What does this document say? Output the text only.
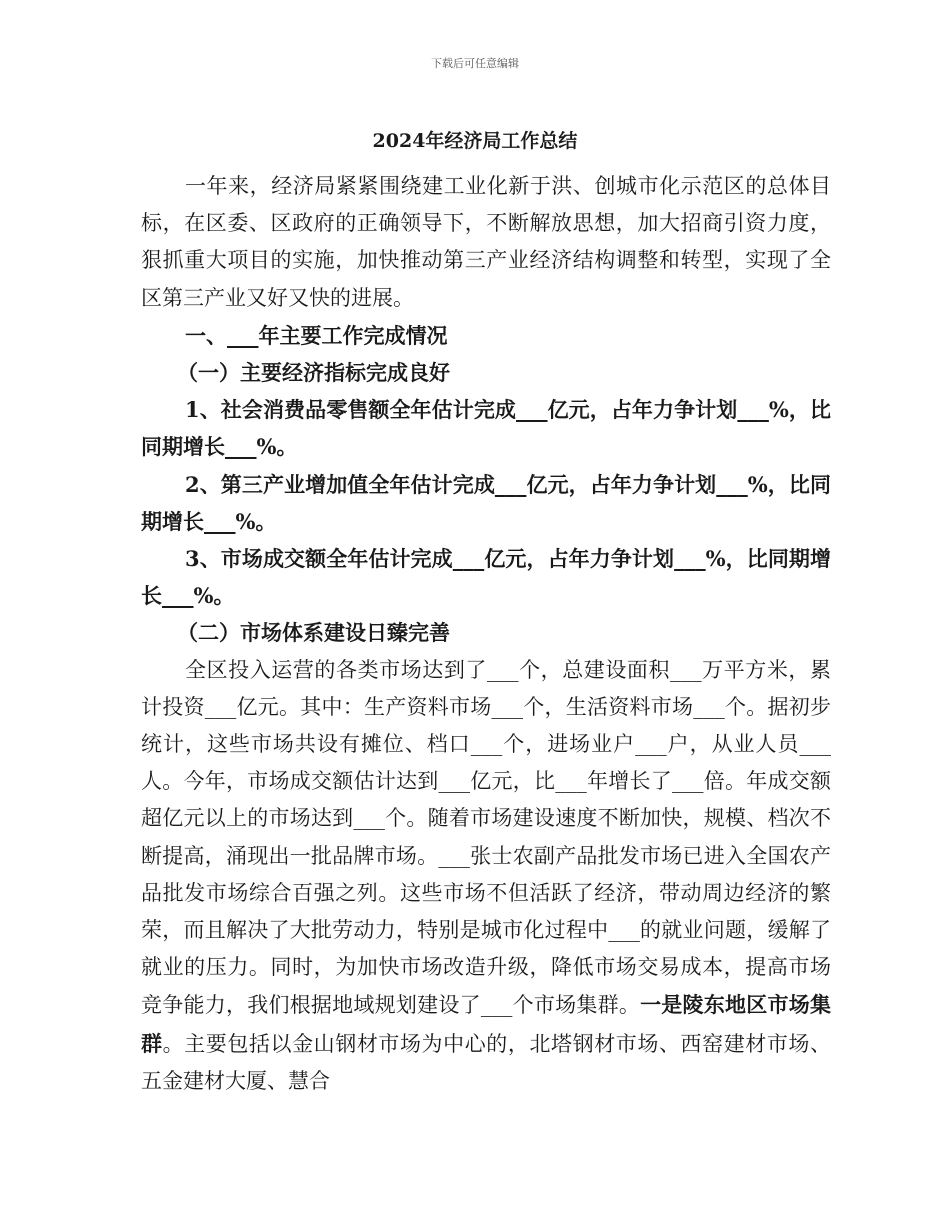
下载后可任意编辑
2024年经济局工作总结

一年来，经济局紧紧围绕建工业化新于洪、创城市化示范区的总体目标，在区委、区政府的正确领导下，不断解放思想，加大招商引资力度，狠抓重大项目的实施，加快推动第三产业经济结构调整和转型，实现了全区第三产业又好又快的进展。

一、___年主要工作完成情况

（一）主要经济指标完成良好

1、社会消费品零售额全年估计完成___亿元，占年力争计划___%，比同期增长___%。

2、第三产业增加值全年估计完成___亿元，占年力争计划___%，比同期增长___%。

3、市场成交额全年估计完成___亿元，占年力争计划___%，比同期增长___%。

（二）市场体系建设日臻完善

全区投入运营的各类市场达到了___个，总建设面积___万平方米，累计投资___亿元。其中：生产资料市场___个，生活资料市场___个。据初步统计，这些市场共设有摊位、档口___个，进场业户___户，从业人员___人。今年，市场成交额估计达到___亿元，比___年增长了___倍。年成交额超亿元以上的市场达到___个。随着市场建设速度不断加快，规模、档次不断提高，涌现出一批品牌市场。___张士农副产品批发市场已进入全国农产品批发市场综合百强之列。这些市场不但活跃了经济，带动周边经济的繁荣，而且解决了大批劳动力，特别是城市化过程中___的就业问题，缓解了就业的压力。同时，为加快市场改造升级，降低市场交易成本，提高市场竞争能力，我们根据地域规划建设了___个市场集群。一是陵东地区市场集群。主要包括以金山钢材市场为中心的，北塔钢材市场、西窑建材市场、五金建材大厦、慧合
